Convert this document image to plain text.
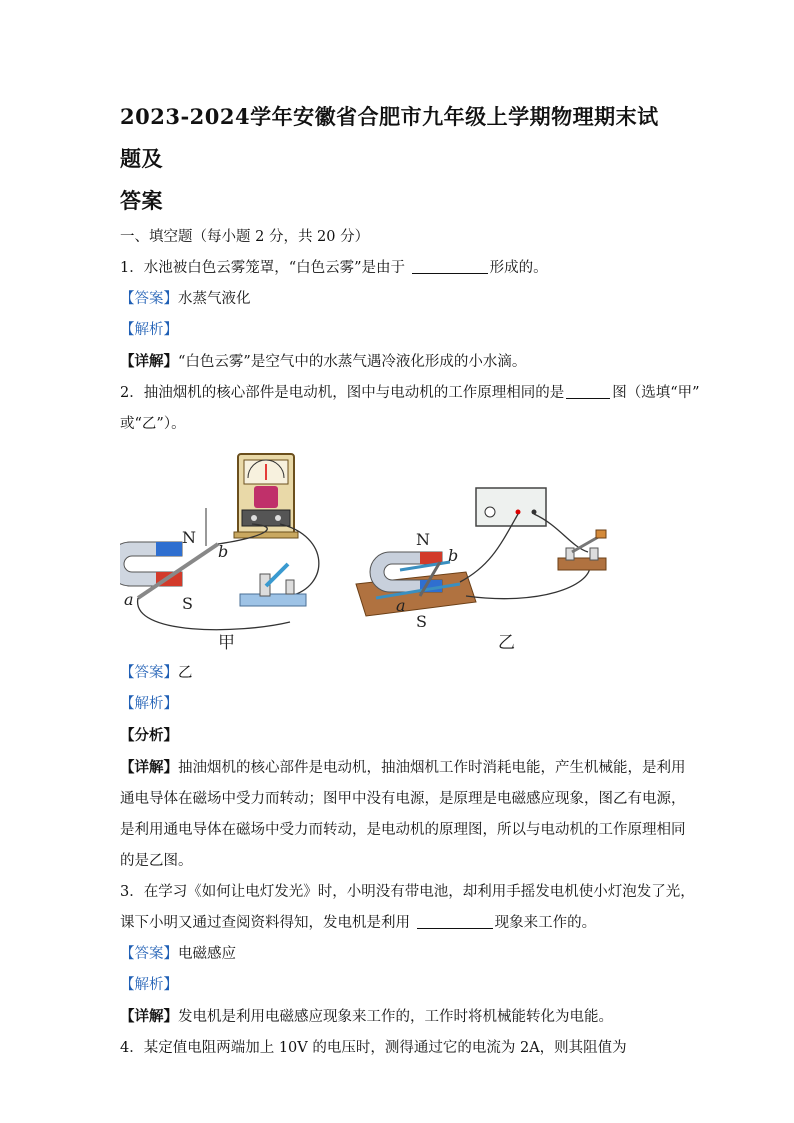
2023-2024学年安徽省合肥市九年级上学期物理期末试题及

答案

一、填空题（每小题 2 分，共 20 分）

1．水池被白色云雾笼罩，“白色云雾”是由于	形成的。

【答案】水蒸气液化

【解析】

【详解】“白色云雾”是空气中的水蒸气遇冷液化形成的小水滴。

2．抽油烟机的核心部件是电动机，图中与电动机的工作原理相同的是	图（选填“甲”

或“乙”）。

N
S
a
b
甲
N
S
a
b
乙

【答案】乙

【解析】

【分析】

【详解】抽油烟机的核心部件是电动机，抽油烟机工作时消耗电能，产生机械能，是利用

通电导体在磁场中受力而转动；图甲中没有电源，是原理是电磁感应现象，图乙有电源，

是利用通电导体在磁场中受力而转动，是电动机的原理图，所以与电动机的工作原理相同

的是乙图。

3．在学习《如何让电灯发光》时，小明没有带电池，却利用手摇发电机使小灯泡发了光，

课下小明又通过查阅资料得知，发电机是利用	现象来工作的。

【答案】电磁感应

【解析】

【详解】发电机是利用电磁感应现象来工作的，工作时将机械能转化为电能。

4．某定值电阻两端加上 10V 的电压时，测得通过它的电流为 2A，则其阻值为
